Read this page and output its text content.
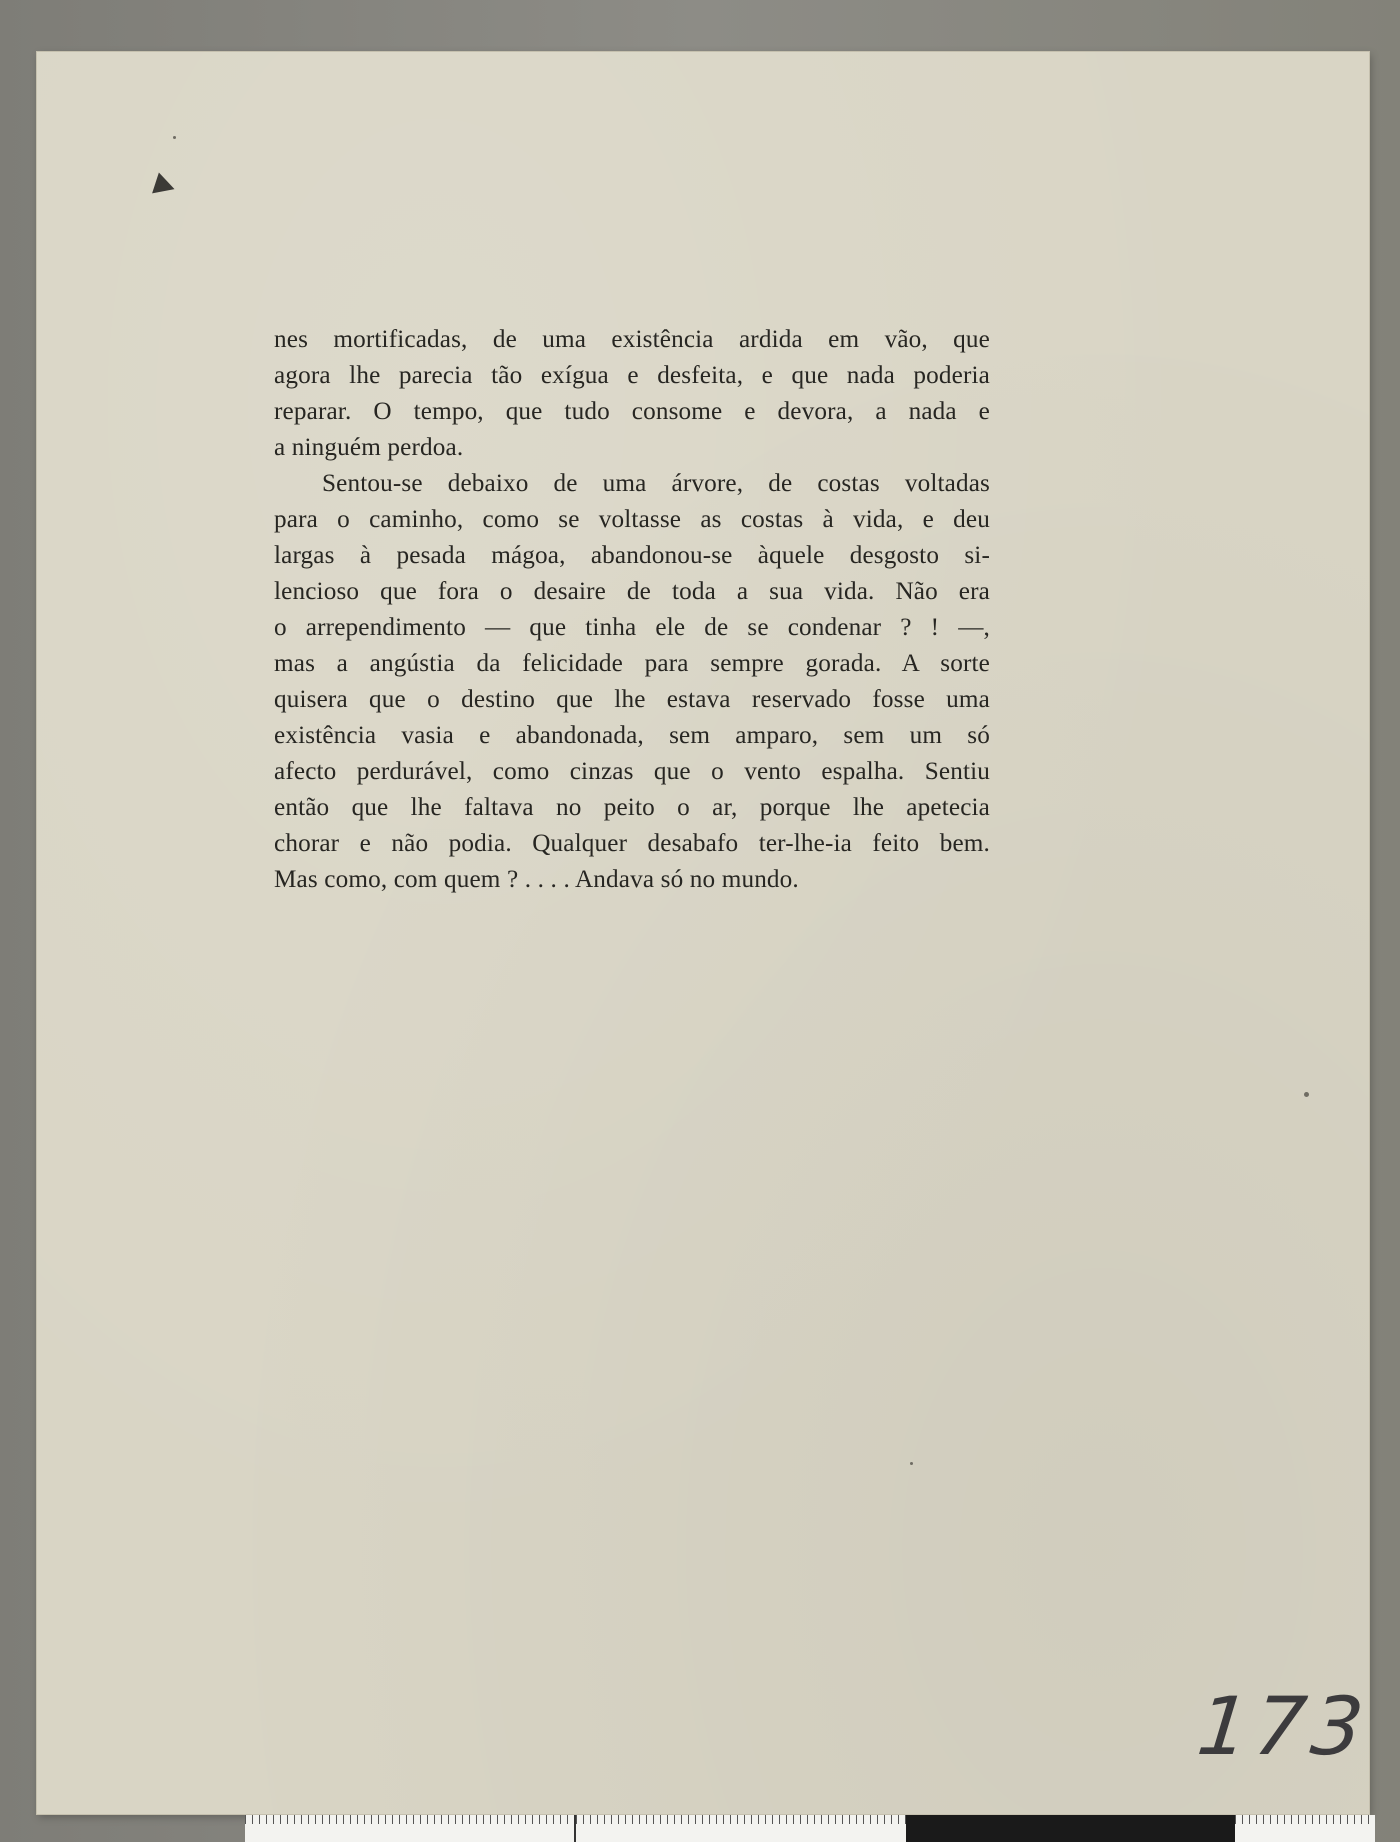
nes mortificadas, de uma existência ardida em vão, que
agora lhe parecia tão exígua e desfeita, e que nada poderia
reparar. O tempo, que tudo consome e devora, a nada e
a ninguém perdoa.
Sentou-se debaixo de uma árvore, de costas voltadas
para o caminho, como se voltasse as costas à vida, e deu
largas à pesada mágoa, abandonou-se àquele desgosto si-
lencioso que fora o desaire de toda a sua vida. Não era
o arrependimento — que tinha ele de se condenar ? ! —,
mas a angústia da felicidade para sempre gorada. A sorte
quisera que o destino que lhe estava reservado fosse uma
existência vasia e abandonada, sem amparo, sem um só
afecto perdurável, como cinzas que o vento espalha. Sentiu
então que lhe faltava no peito o ar, porque lhe apetecia
chorar e não podia. Qualquer desabafo ter-lhe-ia feito bem.
Mas como, com quem ? . . . . Andava só no mundo.
173
